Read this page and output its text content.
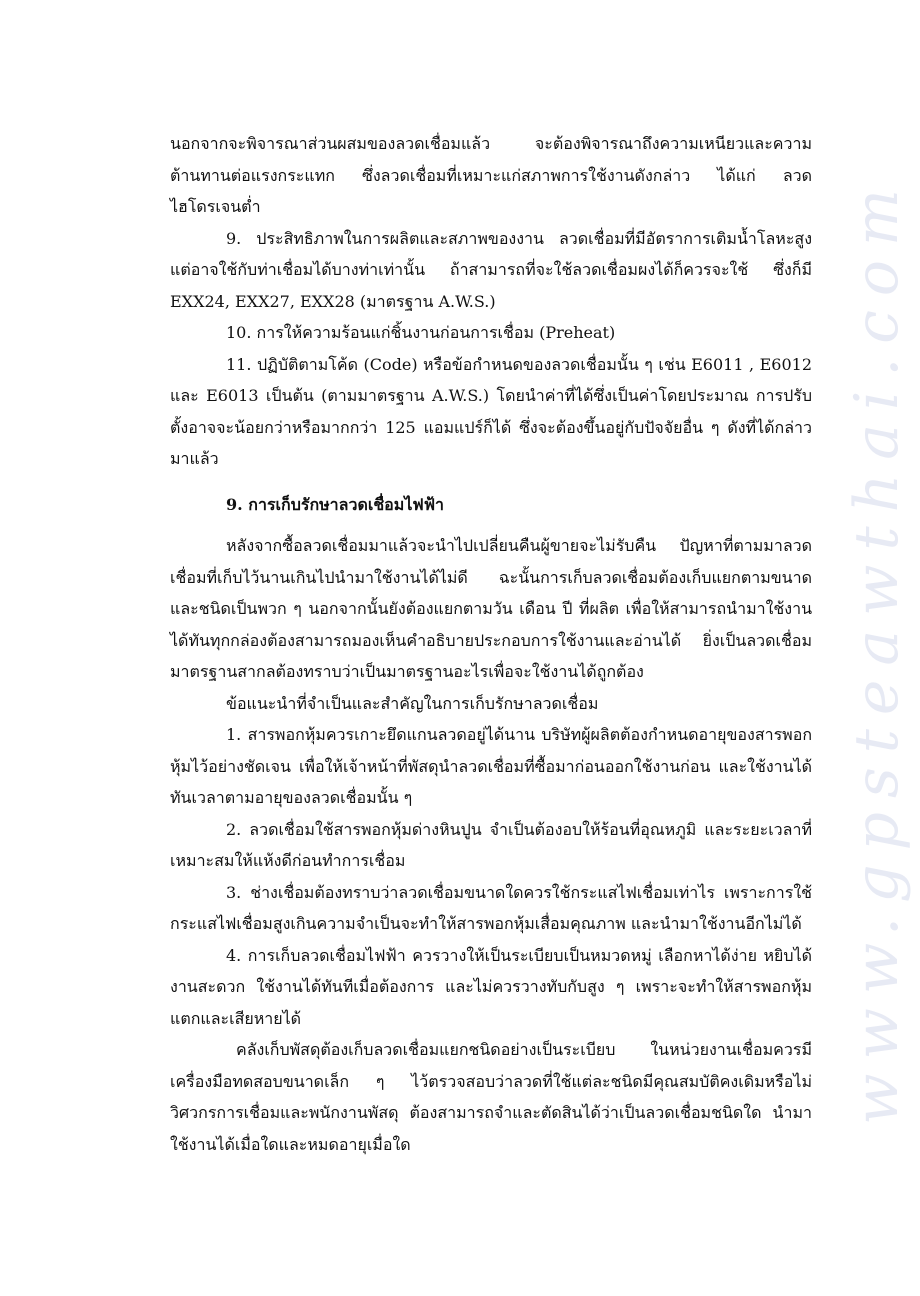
www.gpsteawthai.com

นอกจากจะพิจารณาส่วนผสมของลวดเชื่อมแล้ว จะต้องพิจารณาถึงความเหนียวและความต้านทานต่อแรงกระแทก ซึ่งลวดเชื่อมที่เหมาะแก่สภาพการใช้งานดังกล่าว ได้แก่ ลวดไฮโดรเจนต่ำ

9. ประสิทธิภาพในการผลิตและสภาพของงาน ลวดเชื่อมที่มีอัตราการเติมน้ำโลหะสูง แต่อาจใช้กับท่าเชื่อมได้บางท่าเท่านั้น ถ้าสามารถที่จะใช้ลวดเชื่อมผงได้ก็ควรจะใช้ ซึ่งก็มี EXX24, EXX27, EXX28 (มาตรฐาน A.W.S.)

10. การให้ความร้อนแก่ชิ้นงานก่อนการเชื่อม (Preheat)

11. ปฏิบัติตามโค้ด (Code) หรือข้อกำหนดของลวดเชื่อมนั้น ๆ เช่น E6011 , E6012 และ E6013 เป็นต้น (ตามมาตรฐาน A.W.S.) โดยนำค่าที่ได้ซึ่งเป็นค่าโดยประมาณ การปรับตั้งอาจจะน้อยกว่าหรือมากกว่า 125 แอมแปร์ก็ได้ ซึ่งจะต้องขึ้นอยู่กับปัจจัยอื่น ๆ ดังที่ได้กล่าวมาแล้ว

9. การเก็บรักษาลวดเชื่อมไฟฟ้า

หลังจากซื้อลวดเชื่อมมาแล้วจะนำไปเปลี่ยนคืนผู้ขายจะไม่รับคืน ปัญหาที่ตามมาลวดเชื่อมที่เก็บไว้นานเกินไปนำมาใช้งานได้ไม่ดี ฉะนั้นการเก็บลวดเชื่อมต้องเก็บแยกตามขนาดและชนิดเป็นพวก ๆ นอกจากนั้นยังต้องแยกตามวัน เดือน ปี ที่ผลิต เพื่อให้สามารถนำมาใช้งานได้ทันทุกกล่องต้องสามารถมองเห็นคำอธิบายประกอบการใช้งานและอ่านได้ ยิ่งเป็นลวดเชื่อมมาตรฐานสากลต้องทราบว่าเป็นมาตรฐานอะไรเพื่อจะใช้งานได้ถูกต้อง

ข้อแนะนำที่จำเป็นและสำคัญในการเก็บรักษาลวดเชื่อม

1. สารพอกหุ้มควรเกาะยึดแกนลวดอยู่ได้นาน บริษัทผู้ผลิตต้องกำหนดอายุของสารพอกหุ้มไว้อย่างชัดเจน เพื่อให้เจ้าหน้าที่พัสดุนำลวดเชื่อมที่ซื้อมาก่อนออกใช้งานก่อน และใช้งานได้ทันเวลาตามอายุของลวดเชื่อมนั้น ๆ

2. ลวดเชื่อมใช้สารพอกหุ้มด่างหินปูน จำเป็นต้องอบให้ร้อนที่อุณหภูมิ และระยะเวลาที่เหมาะสมให้แห้งดีก่อนทำการเชื่อม

3. ช่างเชื่อมต้องทราบว่าลวดเชื่อมขนาดใดควรใช้กระแสไฟเชื่อมเท่าไร เพราะการใช้กระแสไฟเชื่อมสูงเกินความจำเป็นจะทำให้สารพอกหุ้มเสื่อมคุณภาพ และนำมาใช้งานอีกไม่ได้

4. การเก็บลวดเชื่อมไฟฟ้า ควรวางให้เป็นระเบียบเป็นหมวดหมู่ เลือกหาได้ง่าย หยิบได้งานสะดวก ใช้งานได้ทันทีเมื่อต้องการ และไม่ควรวางทับกับสูง ๆ เพราะจะทำให้สารพอกหุ้มแตกและเสียหายได้

คลังเก็บพัสดุต้องเก็บลวดเชื่อมแยกชนิดอย่างเป็นระเบียบ ในหน่วยงานเชื่อมควรมีเครื่องมือทดสอบขนาดเล็ก ๆ ไว้ตรวจสอบว่าลวดที่ใช้แต่ละชนิดมีคุณสมบัติคงเดิมหรือไม่วิศวกรการเชื่อมและพนักงานพัสดุ ต้องสามารถจำและตัดสินได้ว่าเป็นลวดเชื่อมชนิดใด นำมาใช้งานได้เมื่อใดและหมดอายุเมื่อใด
